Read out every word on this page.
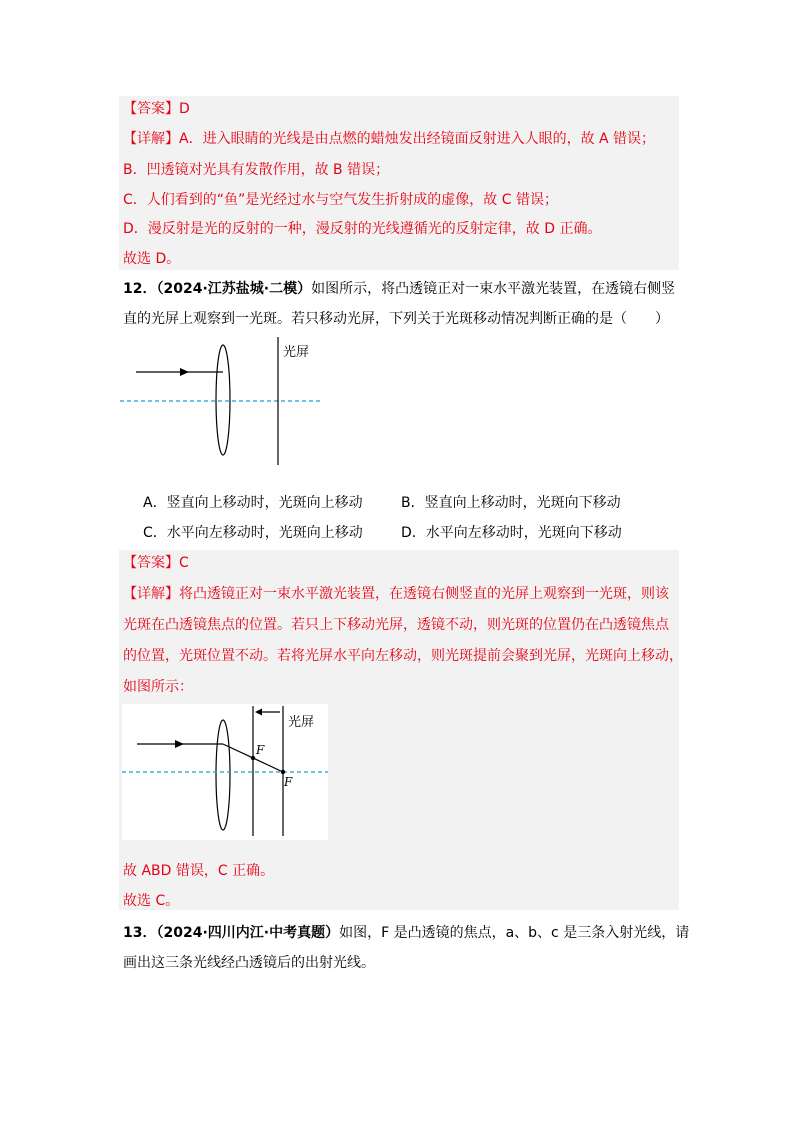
【答案】D
【详解】A．进入眼睛的光线是由点燃的蜡烛发出经镜面反射进入人眼的，故 A 错误；
B．凹透镜对光具有发散作用，故 B 错误；
C．人们看到的“鱼”是光经过水与空气发生折射成的虚像，故 C 错误；
D．漫反射是光的反射的一种，漫反射的光线遵循光的反射定律，故 D 正确。
故选 D。
12．（2024·江苏盐城·二模）如图所示，将凸透镜正对一束水平激光装置，在透镜右侧竖
直的光屏上观察到一光斑。若只移动光屏，下列关于光斑移动情况判断正确的是（　　）
光屏
A．竖直向上移动时，光斑向上移动	B．竖直向上移动时，光斑向下移动
C．水平向左移动时，光斑向上移动	D．水平向左移动时，光斑向下移动
【答案】C
【详解】将凸透镜正对一束水平激光装置，在透镜右侧竖直的光屏上观察到一光斑，则该
光斑在凸透镜焦点的位置。若只上下移动光屏，透镜不动，则光斑的位置仍在凸透镜焦点
的位置，光斑位置不动。若将光屏水平向左移动，则光斑提前会聚到光屏，光斑向上移动，
如图所示：
光屏
F
F
故 ABD 错误，C 正确。
故选 C。
13．（2024·四川内江·中考真题）如图，F 是凸透镜的焦点，a、b、c 是三条入射光线，请
画出这三条光线经凸透镜后的出射光线。
